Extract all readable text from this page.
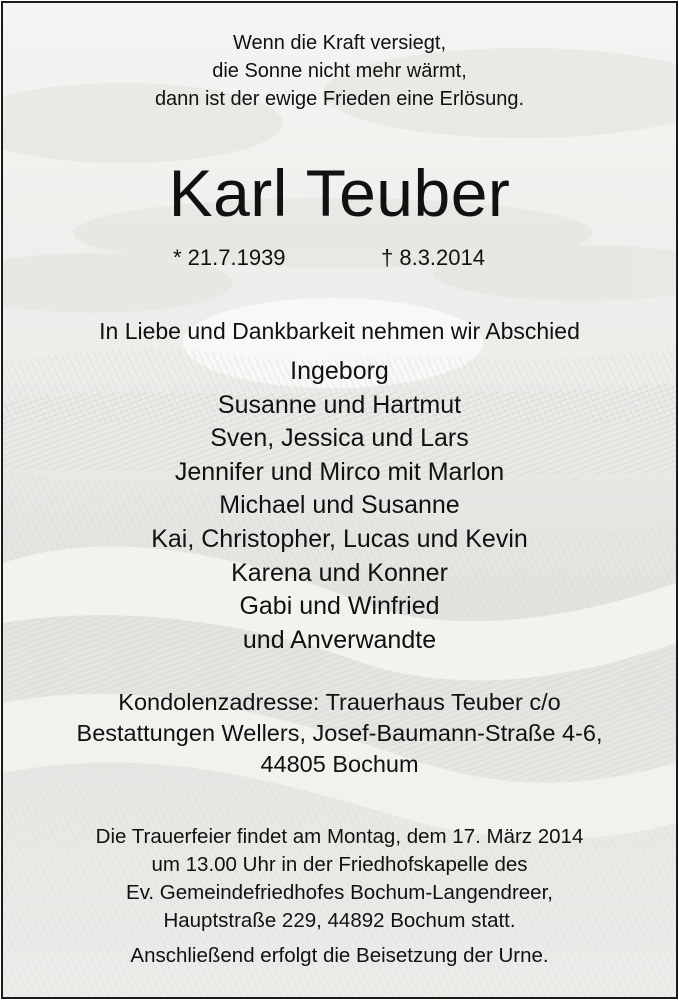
Wenn die Kraft versiegt,
die Sonne nicht mehr wärmt,
dann ist der ewige Frieden eine Erlösung.
Karl Teuber
* 21.7.1939	† 8.3.2014
In Liebe und Dankbarkeit nehmen wir Abschied
Ingeborg
Susanne und Hartmut
Sven, Jessica und Lars
Jennifer und Mirco mit Marlon
Michael und Susanne
Kai, Christopher, Lucas und Kevin
Karena und Konner
Gabi und Winfried
und Anverwandte
Kondolenzadresse: Trauerhaus Teuber c/o
Bestattungen Wellers, Josef-Baumann-Straße 4-6,
44805 Bochum
Die Trauerfeier findet am Montag, dem 17. März 2014
um 13.00 Uhr in der Friedhofskapelle des
Ev. Gemeindefriedhofes Bochum-Langendreer,
Hauptstraße 229, 44892 Bochum statt.
Anschließend erfolgt die Beisetzung der Urne.
